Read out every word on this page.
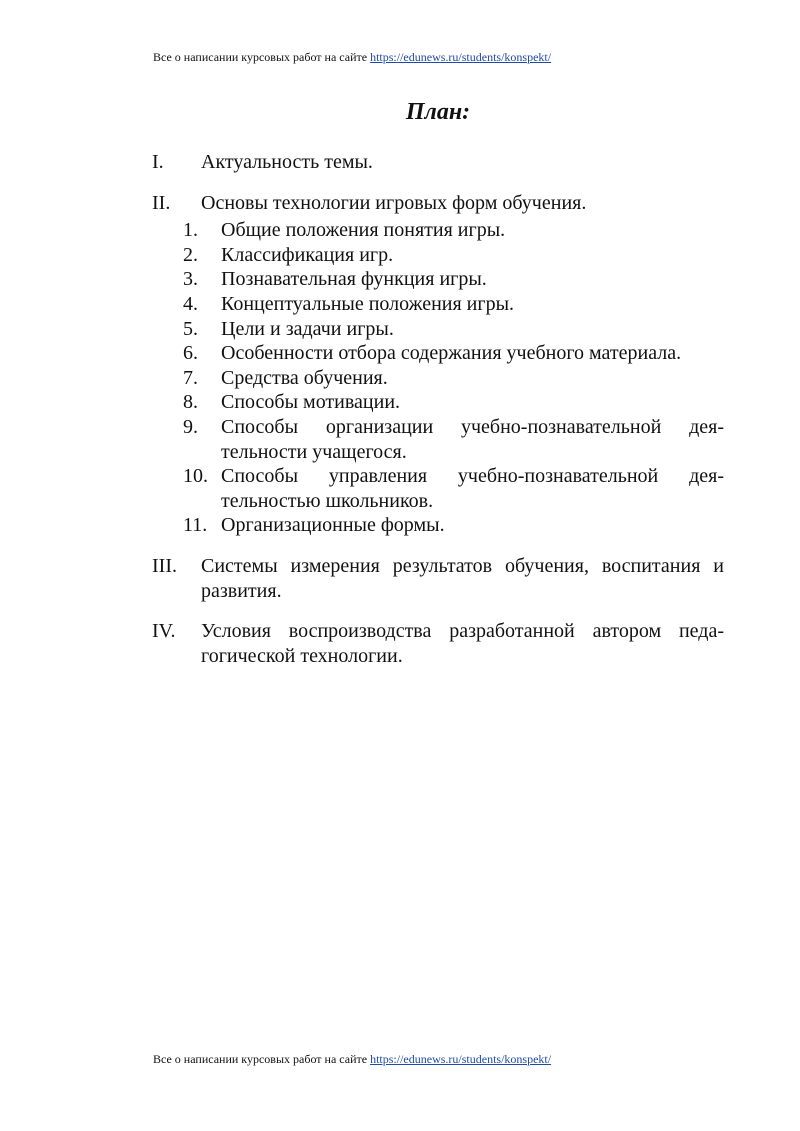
Все о написании курсовых работ на сайте https://edunews.ru/students/konspekt/
План:
I.	Актуальность темы.
II.	Основы технологии игровых форм обучения.
1.	Общие положения понятия игры.
2.	Классификация игр.
3.	Познавательная функция игры.
4.	Концептуальные положения игры.
5.	Цели и задачи игры.
6.	Особенности отбора содержания учебного материала.
7.	Средства обучения.
8.	Способы мотивации.
9.	Способы организации учебно-познавательной дея-
тельности учащегося.
10. Способы управления учебно-познавательной дея-
тельностью школьников.
11. Организационные формы.
III.	Системы измерения результатов обучения, воспитания и
развития.
IV.	Условия воспроизводства разработанной автором педа-
гогической технологии.
Все о написании курсовых работ на сайте https://edunews.ru/students/konspekt/
